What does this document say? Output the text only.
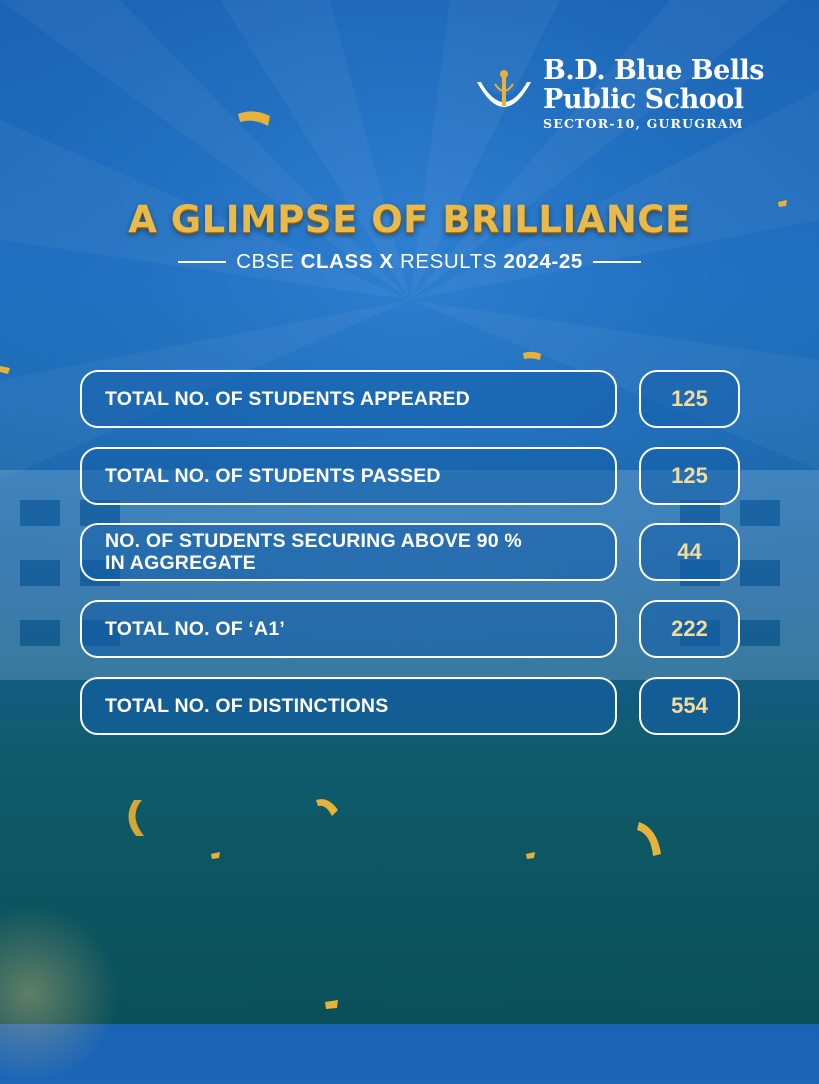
B.D. Blue Bells
Public School
SECTOR-10, GURUGRAM
A GLIMPSE OF BRILLIANCE
CBSE CLASS X RESULTS 2024-25
TOTAL NO. OF STUDENTS APPEARED	125
TOTAL NO. OF STUDENTS PASSED	125
NO. OF STUDENTS SECURING ABOVE 90 %
IN AGGREGATE	44
TOTAL NO. OF ‘A1’	222
TOTAL NO. OF DISTINCTIONS	554
